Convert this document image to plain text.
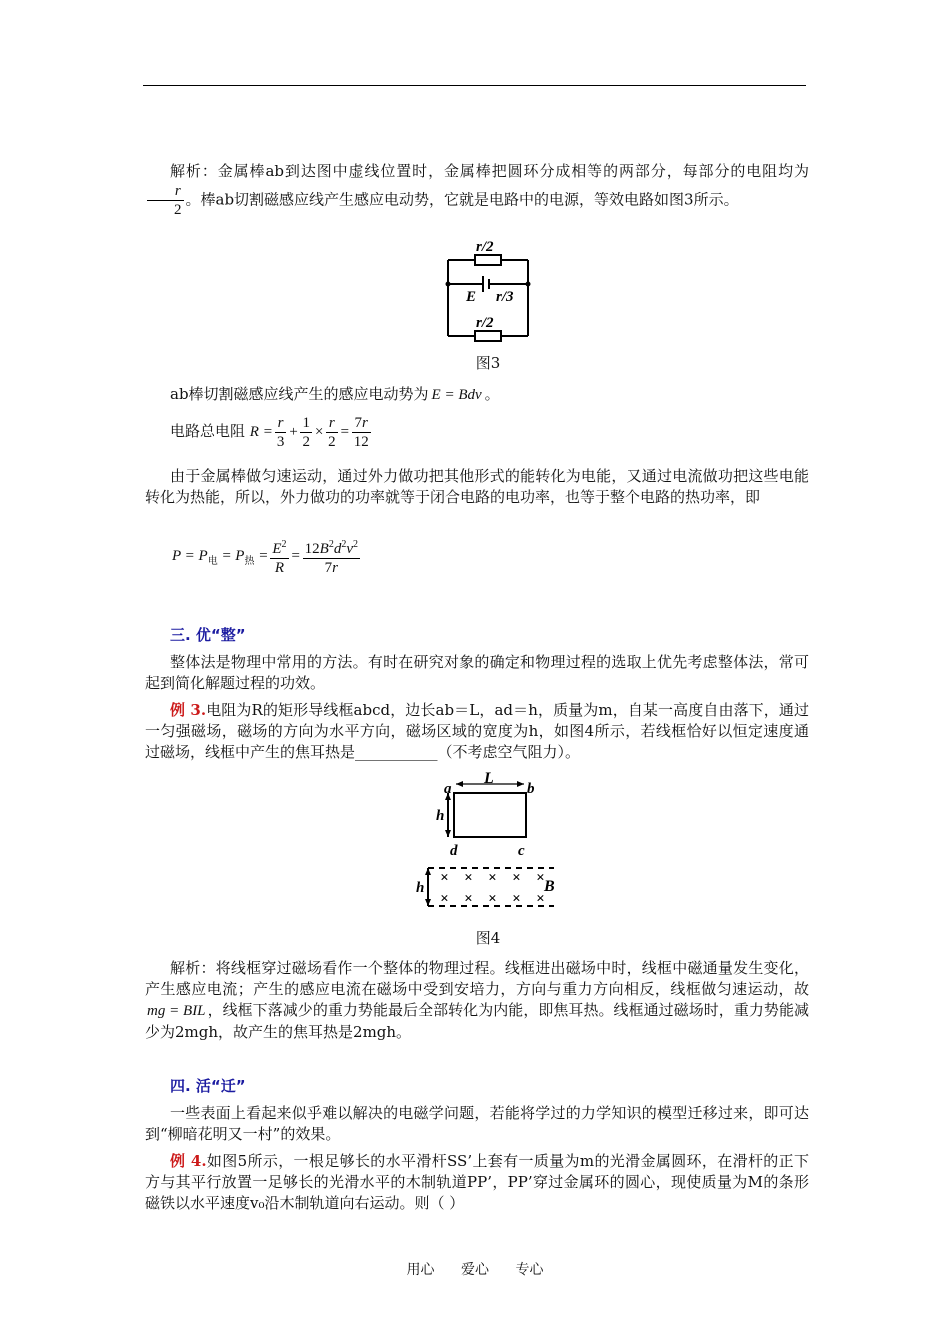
解析：金属棒ab到达图中虚线位置时，金属棒把圆环分成相等的两部分，每部分的电阻均为
$\frac{r}{2}$ 。棒ab切割磁感应线产生感应电动势，它就是电路中的电源，等效电路如图3所示。
r/2
E r/3
r/2
图3
ab棒切割磁感应线产生的感应电动势为 E = Bdv 。
电路总电阻 $R = \frac{r}{3} + \frac{1}{2} \times \frac{r}{2} = \frac{7r}{12}$
由于金属棒做匀速运动，通过外力做功把其他形式的能转化为电能，又通过电流做功把这些电能转化为热能，所以，外力做功的功率就等于闭合电路的电功率，也等于整个电路的热功率，即
$P = P_电 = P_热 = \frac{E^2}{R} = \frac{12B^2d^2v^2}{7r}$
三. 优“整”
整体法是物理中常用的方法。有时在研究对象的确定和物理过程的选取上优先考虑整体法，常可起到简化解题过程的功效。
例 3.电阻为R的矩形导线框abcd，边长ab＝L，ad＝h，质量为m，自某一高度自由落下，通过一匀强磁场，磁场的方向为水平方向，磁场区域的宽度为h，如图4所示，若线框恰好以恒定速度通过磁场，线框中产生的焦耳热是___________（不考虑空气阻力）。
× × × × ×
× × × × ×
a	b
L
h
d	c
h	B
图4
解析：将线框穿过磁场看作一个整体的物理过程。线框进出磁场中时，线框中磁通量发生变化，产生感应电流；产生的感应电流在磁场中受到安培力，方向与重力方向相反，线框做匀速运动，故mg = BIL ，线框下落减少的重力势能最后全部转化为内能，即焦耳热。线框通过磁场时，重力势能减少为2mgh，故产生的焦耳热是2mgh。
四. 活“迁”
一些表面上看起来似乎难以解决的电磁学问题，若能将学过的力学知识的模型迁移过来，即可达到“柳暗花明又一村”的效果。
例 4.如图5所示，一根足够长的水平滑杆SS’上套有一质量为m的光滑金属圆环，在滑杆的正下方与其平行放置一足够长的光滑水平的木制轨道PP’，PP’穿过金属环的圆心，现使质量为M的条形磁铁以水平速度v₀沿木制轨道向右运动。则（ ）
用心 爱心 专心
